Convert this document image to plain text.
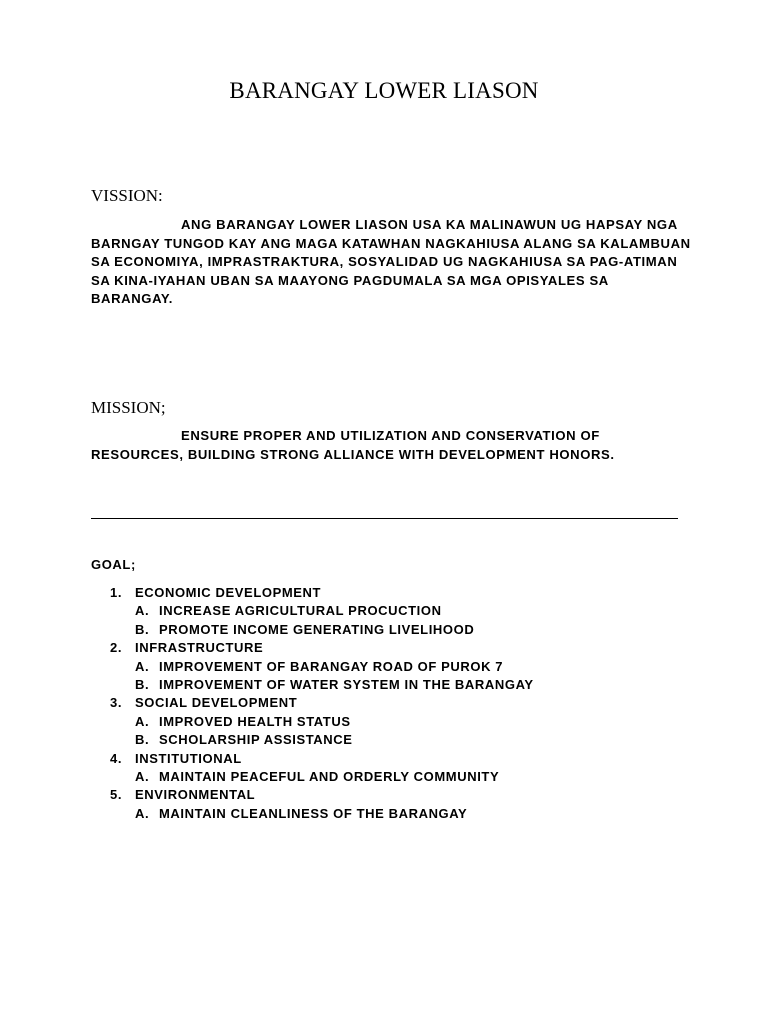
BARANGAY LOWER LIASON
VISSION:
ANG BARANGAY LOWER LIASON USA KA MALINAWUN UG HAPSAY NGA BARNGAY TUNGOD KAY ANG MAGA KATAWHAN NAGKAHIUSA ALANG SA KALAMBUAN SA ECONOMIYA, IMPRASTRAKTURA, SOSYALIDAD UG NAGKAHIUSA SA PAG-ATIMAN SA KINA-IYAHAN UBAN SA MAAYONG PAGDUMALA SA MGA OPISYALES SA BARANGAY.
MISSION;
ENSURE PROPER AND UTILIZATION AND CONSERVATION OF RESOURCES, BUILDING STRONG ALLIANCE WITH DEVELOPMENT HONORS.
GOAL;
1. ECONOMIC DEVELOPMENT
A. INCREASE AGRICULTURAL PROCUCTION
B. PROMOTE INCOME GENERATING LIVELIHOOD
2. INFRASTRUCTURE
A. IMPROVEMENT OF BARANGAY ROAD OF PUROK 7
B. IMPROVEMENT OF WATER SYSTEM IN THE BARANGAY
3. SOCIAL DEVELOPMENT
A. IMPROVED HEALTH STATUS
B. SCHOLARSHIP ASSISTANCE
4. INSTITUTIONAL
A. MAINTAIN PEACEFUL AND ORDERLY COMMUNITY
5. ENVIRONMENTAL
A. MAINTAIN CLEANLINESS OF THE BARANGAY
